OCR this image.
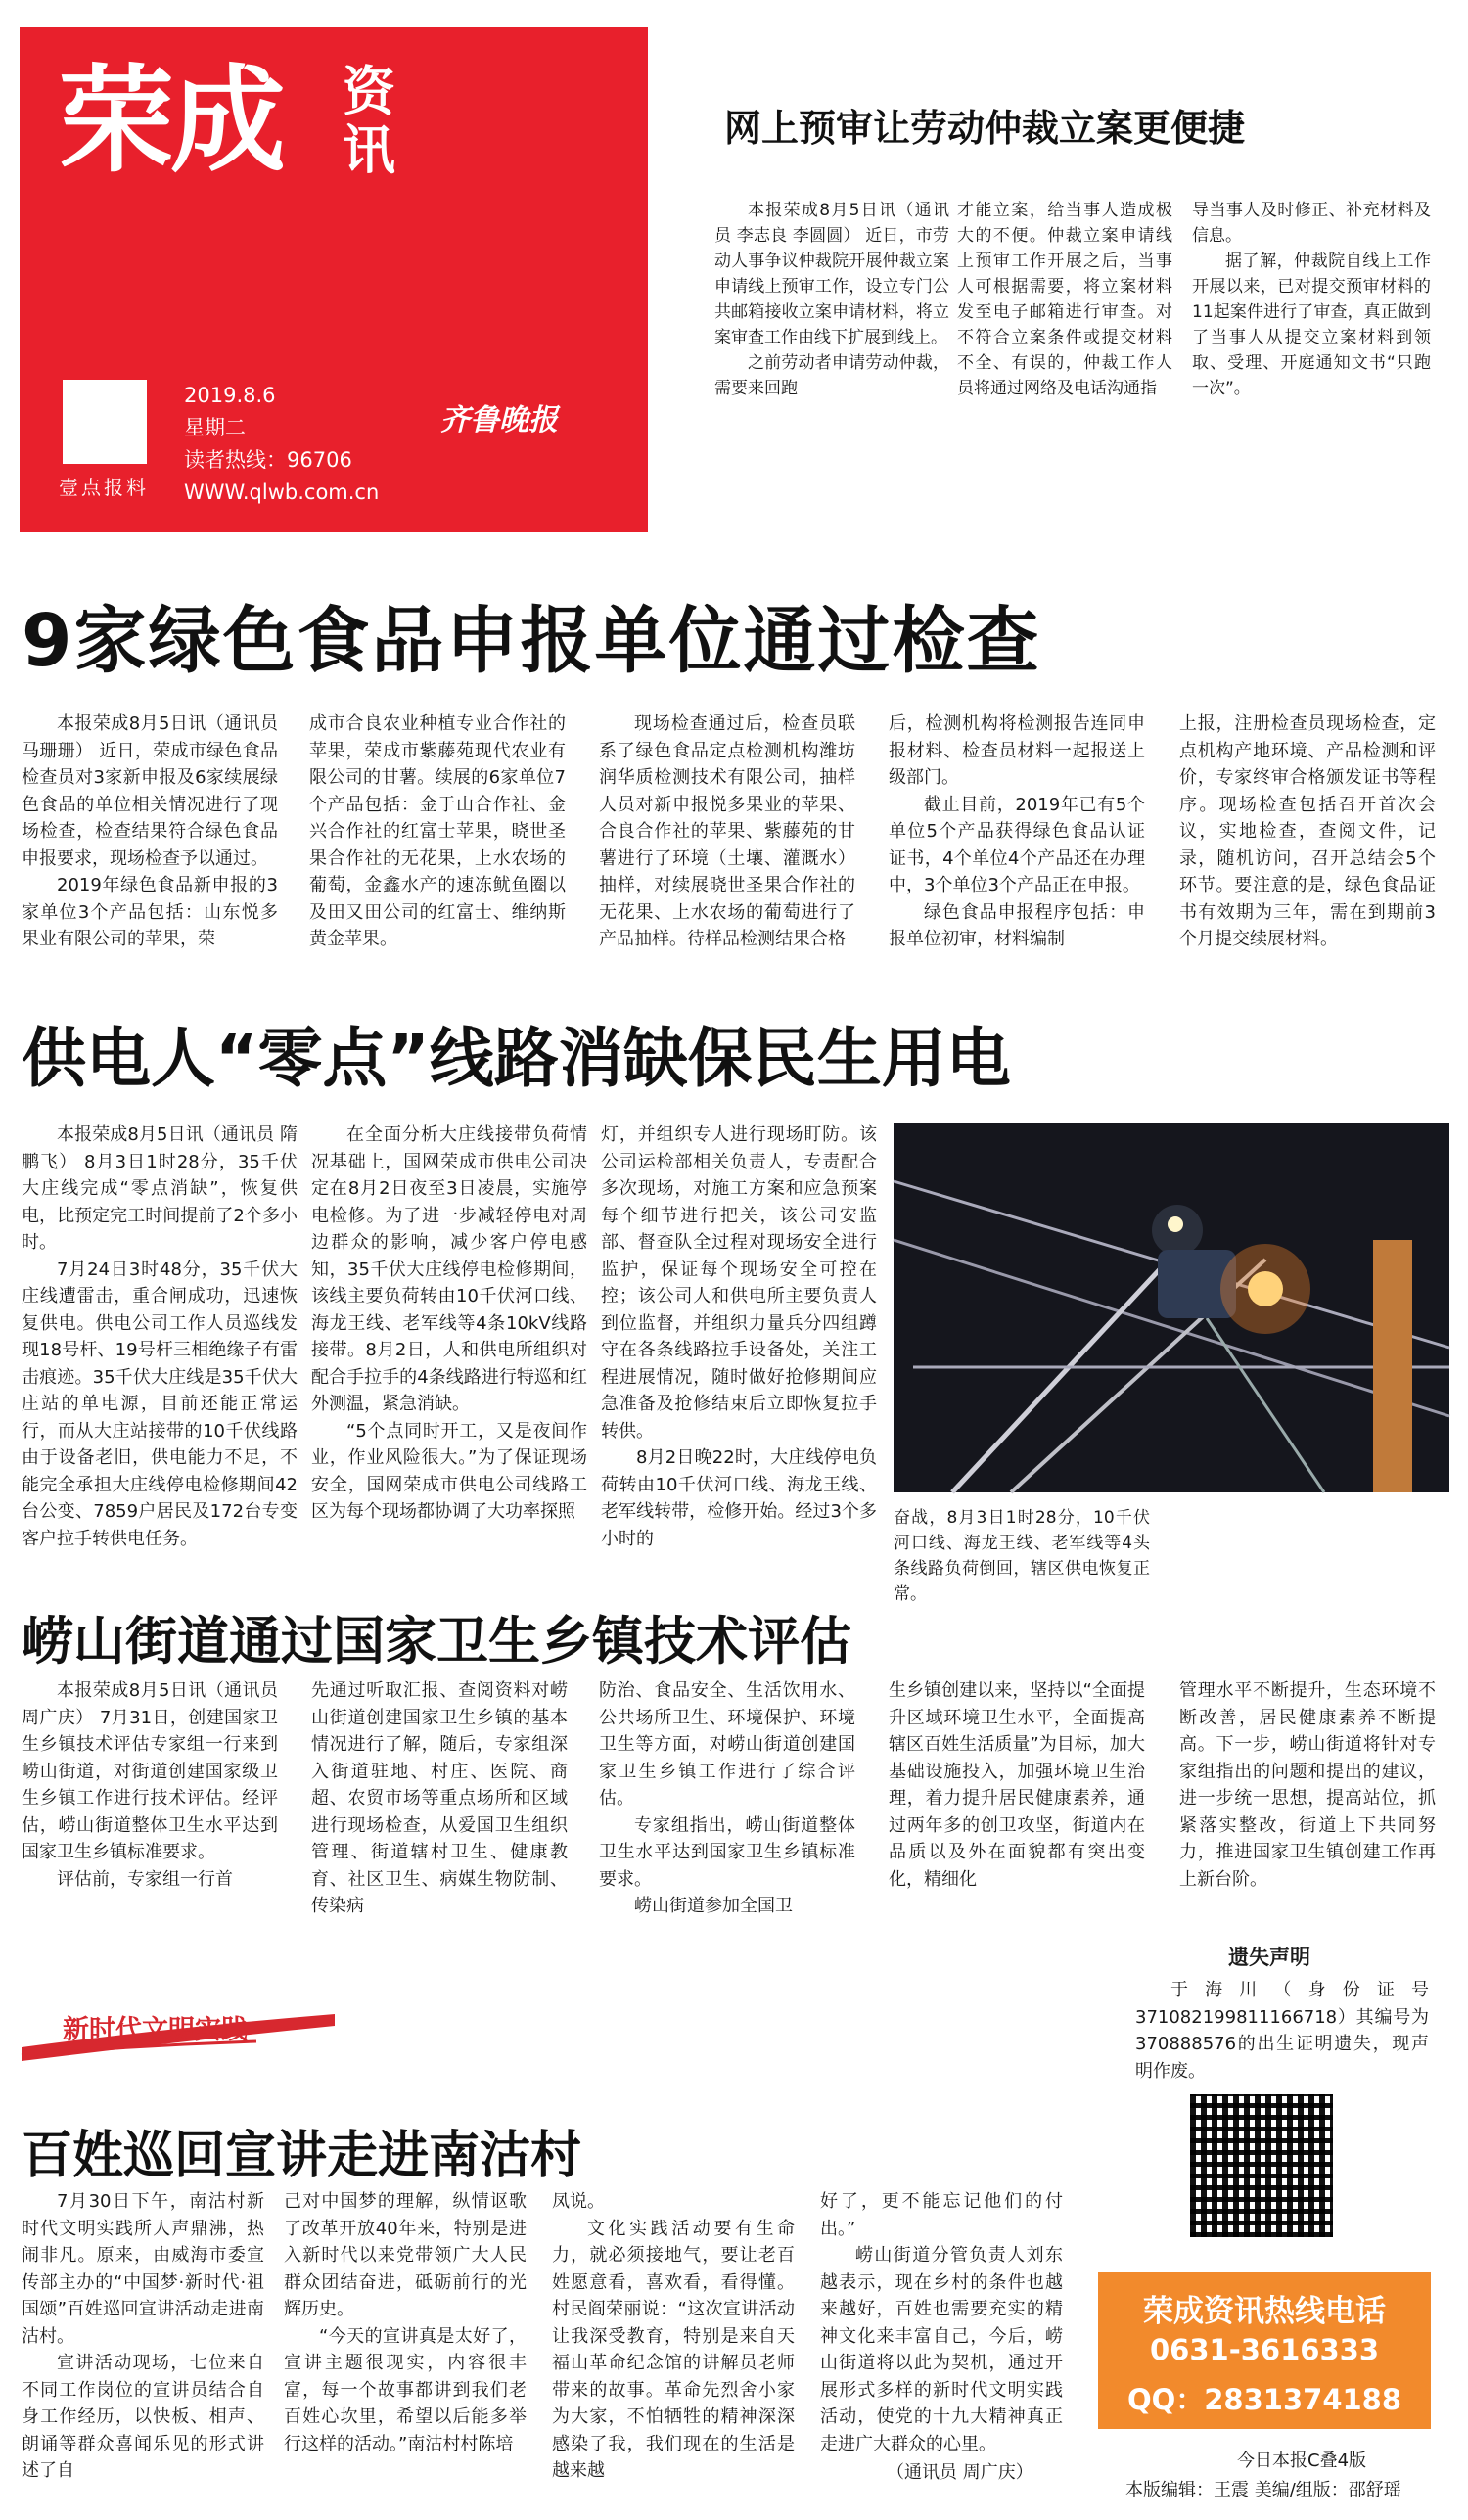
荣成 资讯
壹点报料
2019.8.6
星期二
读者热线：96706
WWW.qlwb.com.cn
齐鲁晚报
网上预审让劳动仲裁立案更便捷

本报荣成8月5日讯（通讯员 李志良 李圆圆） 近日，市劳动人事争议仲裁院开展仲裁立案申请线上预审工作，设立专门公共邮箱接收立案申请材料，将立案审查工作由线下扩展到线上。

之前劳动者申请劳动仲裁，需要来回跑

才能立案，给当事人造成极大的不便。仲裁立案申请线上预审工作开展之后，当事人可根据需要，将立案材料发至电子邮箱进行审查。对不符合立案条件或提交材料不全、有误的，仲裁工作人员将通过网络及电话沟通指

导当事人及时修正、补充材料及信息。

据了解，仲裁院自线上工作开展以来，已对提交预审材料的11起案件进行了审查，真正做到了当事人从提交立案材料到领取、受理、开庭通知文书“只跑一次”。

9家绿色食品申报单位通过检查

本报荣成8月5日讯（通讯员 马珊珊） 近日，荣成市绿色食品检查员对3家新申报及6家续展绿色食品的单位相关情况进行了现场检查，检查结果符合绿色食品申报要求，现场检查予以通过。

2019年绿色食品新申报的3家单位3个产品包括：山东悦多果业有限公司的苹果，荣

成市合良农业种植专业合作社的苹果，荣成市紫藤苑现代农业有限公司的甘薯。续展的6家单位7个产品包括：金于山合作社、金兴合作社的红富士苹果，晓世圣果合作社的无花果，上水农场的葡萄，金鑫水产的速冻鱿鱼圈以及田又田公司的红富士、维纳斯黄金苹果。

现场检查通过后，检查员联系了绿色食品定点检测机构潍坊润华质检测技术有限公司，抽样人员对新申报悦多果业的苹果、合良合作社的苹果、紫藤苑的甘薯进行了环境（土壤、灌溉水）抽样，对续展晓世圣果合作社的无花果、上水农场的葡萄进行了产品抽样。待样品检测结果合格

后，检测机构将检测报告连同申报材料、检查员材料一起报送上级部门。

截止目前，2019年已有5个单位5个产品获得绿色食品认证证书，4个单位4个产品还在办理中，3个单位3个产品正在申报。

绿色食品申报程序包括：申报单位初审，材料编制

上报，注册检查员现场检查，定点机构产地环境、产品检测和评价，专家终审合格颁发证书等程序。现场检查包括召开首次会议，实地检查，查阅文件，记录，随机访问，召开总结会5个环节。要注意的是，绿色食品证书有效期为三年，需在到期前3个月提交续展材料。

供电人“零点”线路消缺保民生用电

本报荣成8月5日讯（通讯员 隋鹏飞） 8月3日1时28分，35千伏大庄线完成“零点消缺”，恢复供电，比预定完工时间提前了2个多小时。

7月24日3时48分，35千伏大庄线遭雷击，重合闸成功，迅速恢复供电。供电公司工作人员巡线发现18号杆、19号杆三相绝缘子有雷击痕迹。35千伏大庄线是35千伏大庄站的单电源，目前还能正常运行，而从大庄站接带的10千伏线路由于设备老旧，供电能力不足，不能完全承担大庄线停电检修期间42台公变、7859户居民及172台专变客户拉手转供电任务。

在全面分析大庄线接带负荷情况基础上，国网荣成市供电公司决定在8月2日夜至3日凌晨，实施停电检修。为了进一步减轻停电对周边群众的影响，减少客户停电感知，35千伏大庄线停电检修期间，该线主要负荷转由10千伏河口线、海龙王线、老军线等4条10kV线路接带。8月2日，人和供电所组织对配合手拉手的4条线路进行特巡和红外测温，紧急消缺。

“5个点同时开工，又是夜间作业，作业风险很大。”为了保证现场安全，国网荣成市供电公司线路工区为每个现场都协调了大功率探照

灯，并组织专人进行现场盯防。该公司运检部相关负责人，专责配合多次现场，对施工方案和应急预案每个细节进行把关，该公司安监部、督查队全过程对现场安全进行监护，保证每个现场安全可控在控；该公司人和供电所主要负责人到位监督，并组织力量兵分四组蹲守在各条线路拉手设备处，关注工程进展情况，随时做好抢修期间应急准备及抢修结束后立即恢复拉手转供。

8月2日晚22时，大庄线停电负荷转由10千伏河口线、海龙王线、老军线转带，检修开始。经过3个多小时的

奋战，8月3日1时28分，10千伏河口线、海龙王线、老军线等4头条线路负荷倒回，辖区供电恢复正常。

崂山街道通过国家卫生乡镇技术评估

本报荣成8月5日讯（通讯员 周广庆） 7月31日，创建国家卫生乡镇技术评估专家组一行来到崂山街道，对街道创建国家级卫生乡镇工作进行技术评估。经评估，崂山街道整体卫生水平达到国家卫生乡镇标准要求。

评估前，专家组一行首

先通过听取汇报、查阅资料对崂山街道创建国家卫生乡镇的基本情况进行了解，随后，专家组深入街道驻地、村庄、医院、商超、农贸市场等重点场所和区域进行现场检查，从爱国卫生组织管理、街道辖村卫生、健康教育、社区卫生、病媒生物防制、传染病

防治、食品安全、生活饮用水、公共场所卫生、环境保护、环境卫生等方面，对崂山街道创建国家卫生乡镇工作进行了综合评估。

专家组指出，崂山街道整体卫生水平达到国家卫生乡镇标准要求。

崂山街道参加全国卫

生乡镇创建以来，坚持以“全面提升区域环境卫生水平，全面提高辖区百姓生活质量”为目标，加大基础设施投入，加强环境卫生治理，着力提升居民健康素养，通过两年多的创卫攻坚，街道内在品质以及外在面貌都有突出变化，精细化

管理水平不断提升，生态环境不断改善，居民健康素养不断提高。下一步，崂山街道将针对专家组指出的问题和提出的建议，进一步统一思想，提高站位，抓紧落实整改，街道上下共同努力，推进国家卫生镇创建工作再上新台阶。

新时代文明实践
百姓巡回宣讲走进南沽村

7月30日下午，南沽村新时代文明实践所人声鼎沸，热闹非凡。原来，由威海市委宣传部主办的“中国梦·新时代·祖国颂”百姓巡回宣讲活动走进南沽村。

宣讲活动现场，七位来自不同工作岗位的宣讲员结合自身工作经历，以快板、相声、朗诵等群众喜闻乐见的形式讲述了自

己对中国梦的理解，纵情讴歌了改革开放40年来，特别是进入新时代以来党带领广大人民群众团结奋进，砥砺前行的光辉历史。

“今天的宣讲真是太好了，宣讲主题很现实，内容很丰富，每一个故事都讲到我们老百姓心坎里，希望以后能多举行这样的活动。”南沽村村陈培

凤说。

文化实践活动要有生命力，就必须接地气，要让老百姓愿意看，喜欢看，看得懂。村民阎荣丽说：“这次宣讲活动让我深受教育，特别是来自天福山革命纪念馆的讲解员老师带来的故事。革命先烈舍小家为大家，不怕牺牲的精神深深感染了我，我们现在的生活是越来越

好了，更不能忘记他们的付出。”

崂山街道分管负责人刘东越表示，现在乡村的条件也越来越好，百姓也需要充实的精神文化来丰富自己，今后，崂山街道将以此为契机，通过开展形式多样的新时代文明实践活动，使党的十九大精神真正走进广大群众的心里。

（通讯员 周广庆）
遗失声明

于海川（身份证号371082199811166718）其编号为370888576的出生证明遗失，现声明作废。

荣成资讯热线电话
0631-3616333
QQ：2831374188
今日本报C叠4版
本版编辑：王震 美编/组版：邵舒瑶
